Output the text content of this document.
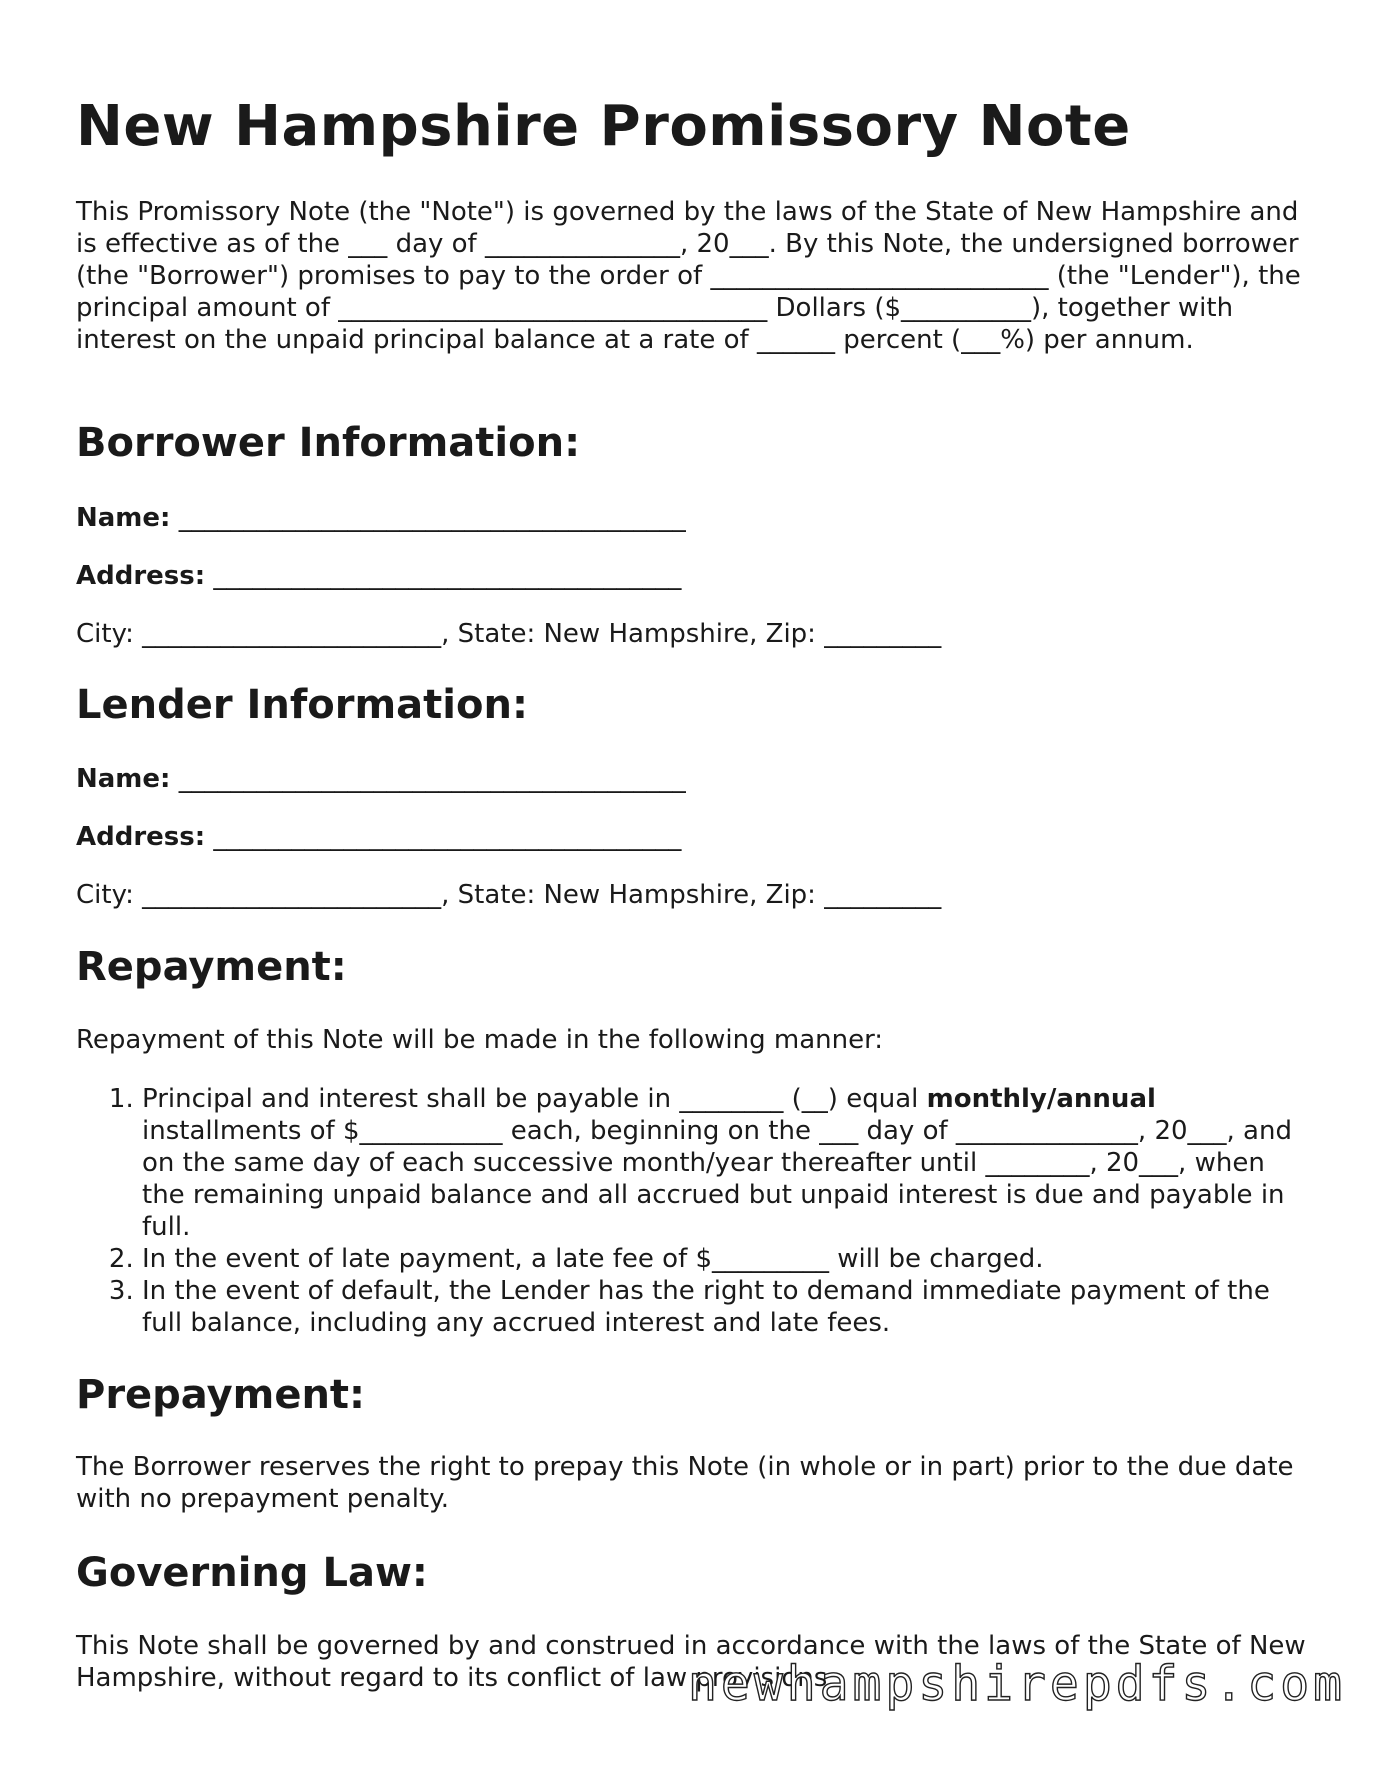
New Hampshire Promissory Note

This Promissory Note (the "Note") is governed by the laws of the State of New Hampshire and is effective as of the ___ day of _______________, 20___. By this Note, the undersigned borrower (the "Borrower") promises to pay to the order of __________________________ (the "Lender"), the principal amount of _________________________________ Dollars ($__________), together with interest on the unpaid principal balance at a rate of ______ percent (___%) per annum.

Borrower Information:

Name: _______________________________________

Address: ____________________________________

City: _______________________, State: New Hampshire, Zip: _________

Lender Information:

Name: _______________________________________

Address: ____________________________________

City: _______________________, State: New Hampshire, Zip: _________

Repayment:

Repayment of this Note will be made in the following manner:

1. Principal and interest shall be payable in ________ (__) equal monthly/annual installments of $___________ each, beginning on the ___ day of ______________, 20___, and on the same day of each successive month/year thereafter until ________, 20___, when the remaining unpaid balance and all accrued but unpaid interest is due and payable in full.
2. In the event of late payment, a late fee of $_________ will be charged.
3. In the event of default, the Lender has the right to demand immediate payment of the full balance, including any accrued interest and late fees.
Prepayment:

The Borrower reserves the right to prepay this Note (in whole or in part) prior to the due date with no prepayment penalty.

Governing Law:

This Note shall be governed by and construed in accordance with the laws of the State of New Hampshire, without regard to its conflict of law provisions.

newhampshirepdfs.com
